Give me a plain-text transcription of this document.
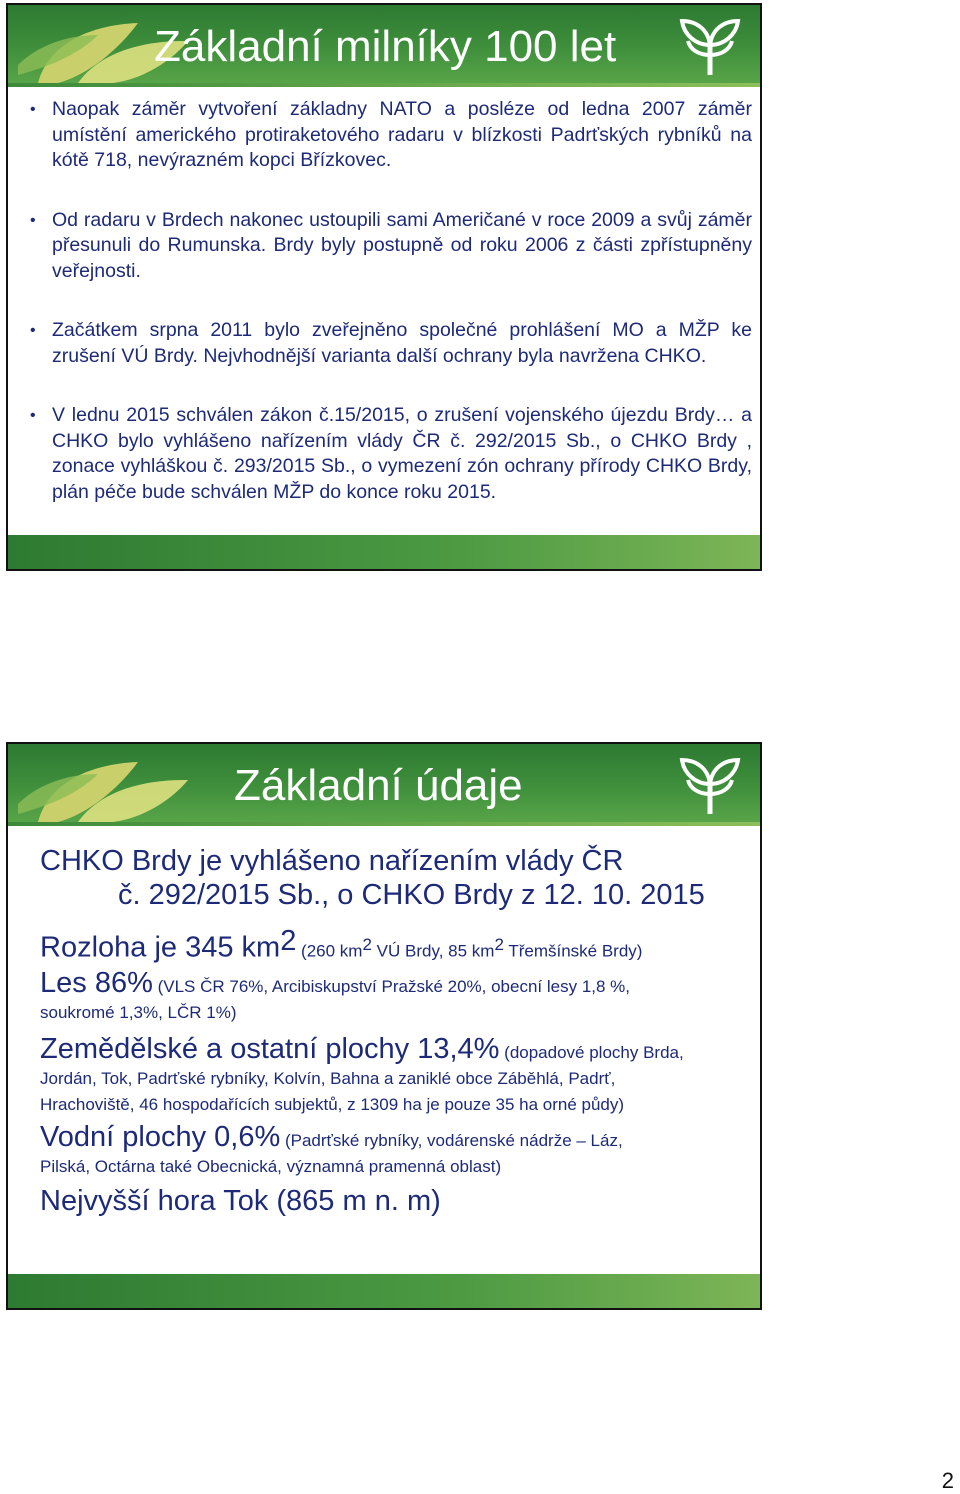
Základní milníky 100 let
• Naopak záměr vytvoření základny NATO a posléze od ledna 2007 záměr umístění amerického protiraketového radaru v blízkosti Padrťských rybníků na kótě 718, nevýrazném kopci Břízkovec.
• Od radaru v Brdech nakonec ustoupili sami Američané v roce 2009 a svůj záměr přesunuli do Rumunska. Brdy byly postupně od roku 2006 z části zpřístupněny veřejnosti.
• Začátkem srpna 2011 bylo zveřejněno společné prohlášení MO a MŽP ke zrušení VÚ Brdy. Nejvhodnější varianta další ochrany byla navržena CHKO.
• V lednu 2015 schválen zákon č.15/2015, o zrušení vojenského újezdu Brdy… a CHKO bylo vyhlášeno nařízením vlády ČR č. 292/2015 Sb., o CHKO Brdy , zonace vyhláškou č. 293/2015 Sb., o vymezení zón ochrany přírody CHKO Brdy, plán péče bude schválen MŽP do konce roku 2015.
Základní údaje
CHKO Brdy je vyhlášeno nařízením vlády ČR
č. 292/2015 Sb., o CHKO Brdy z 12. 10. 2015
Rozloha je 345 $km^2$ (260 $km^2$ VÚ Brdy, 85 $km^2$ Třemšínské Brdy)
Les 86% (VLS ČR 76%, Arcibiskupství Pražské 20%, obecní lesy 1,8 %,
soukromé 1,3%, LČR 1%)
Zemědělské a ostatní plochy 13,4% (dopadové plochy Brda,
Jordán, Tok, Padrťské rybníky, Kolvín, Bahna a zaniklé obce Záběhlá, Padrť,
Hrachoviště, 46 hospodařících subjektů, z 1309 ha je pouze 35 ha orné půdy)
Vodní plochy 0,6% (Padrťské rybníky, vodárenské nádrže – Láz,
Pilská, Octárna také Obecnická, významná pramenná oblast)
Nejvyšší hora Tok (865 m n. m)
2
